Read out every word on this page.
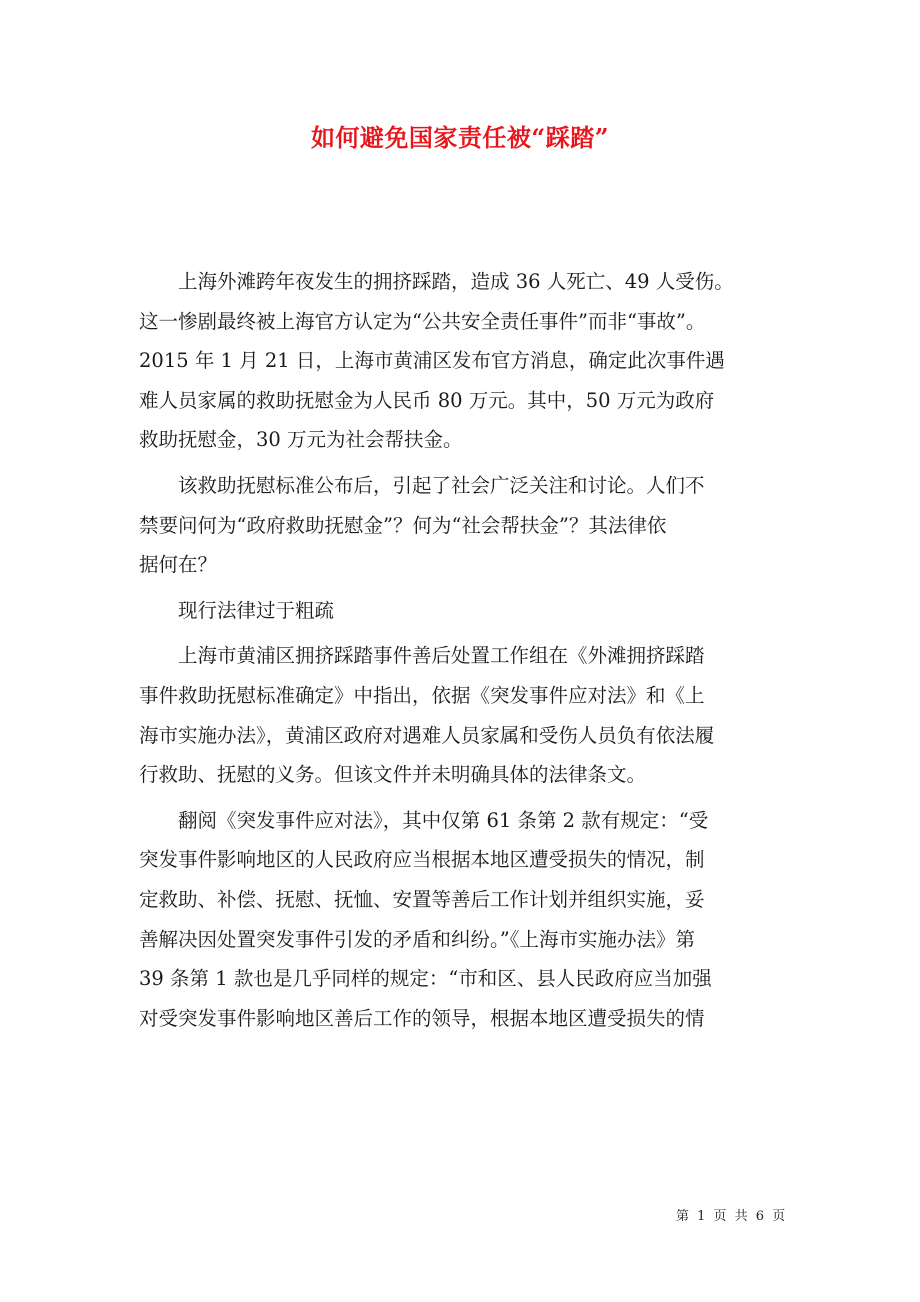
如何避免国家责任被“踩踏”
上海外滩跨年夜发生的拥挤踩踏，造成 36 人死亡、49 人受伤。
这一惨剧最终被上海官方认定为“公共安全责任事件”而非“事故”。
2015 年 1 月 21 日，上海市黄浦区发布官方消息，确定此次事件遇
难人员家属的救助抚慰金为人民币 80 万元。其中，50 万元为政府
救助抚慰金，30 万元为社会帮扶金。
该救助抚慰标准公布后，引起了社会广泛关注和讨论。人们不
禁要问何为“政府救助抚慰金”？何为“社会帮扶金”？其法律依
据何在？
现行法律过于粗疏
上海市黄浦区拥挤踩踏事件善后处置工作组在《外滩拥挤踩踏
事件救助抚慰标准确定》中指出，依据《突发事件应对法》和《上
海市实施办法》，黄浦区政府对遇难人员家属和受伤人员负有依法履
行救助、抚慰的义务。但该文件并未明确具体的法律条文。
翻阅《突发事件应对法》，其中仅第 61 条第 2 款有规定：“受
突发事件影响地区的人民政府应当根据本地区遭受损失的情况，制
定救助、补偿、抚慰、抚恤、安置等善后工作计划并组织实施，妥
善解决因处置突发事件引发的矛盾和纠纷。”《上海市实施办法》第
39 条第 1 款也是几乎同样的规定：“市和区、县人民政府应当加强
对受突发事件影响地区善后工作的领导，根据本地区遭受损失的情
第 1 页 共 6 页
